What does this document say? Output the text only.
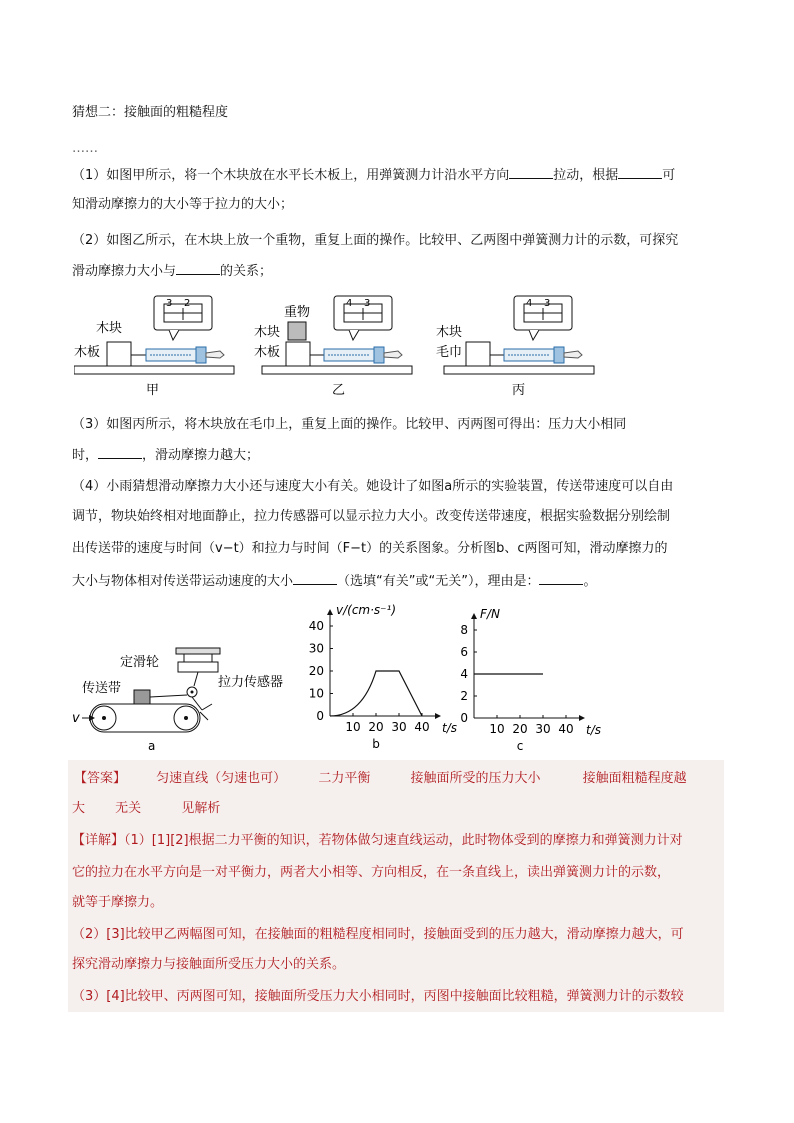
猜想二：接触面的粗糙程度
……
（1）如图甲所示，将一个木块放在水平长木板上，用弹簧测力计沿水平方向	拉动，根据	可
知滑动摩擦力的大小等于拉力的大小；
（2）如图乙所示，在木块上放一个重物，重复上面的操作。比较甲、乙两图中弹簧测力计的示数，可探究
滑动摩擦力大小与	的关系；
3 2
木块
木板
甲
4 3
重物
木块
木板
乙
4 3
木块
毛巾
丙
（3）如图丙所示，将木块放在毛巾上，重复上面的操作。比较甲、丙两图可得出：压力大小相同
时，	，滑动摩擦力越大；
（4）小雨猜想滑动摩擦力大小还与速度大小有关。她设计了如图a所示的实验装置，传送带速度可以自由
调节，物块始终相对地面静止，拉力传感器可以显示拉力大小。改变传送带速度，根据实验数据分别绘制
出传送带的速度与时间（v−t）和拉力与时间（F−t）的关系图象。分析图b、c两图可知，滑动摩擦力的
大小与物体相对传送带运动速度的大小	（选填“有关”或“无关”），理由是：	。
定滑轮
拉力传感器
传送带
v
a
10 20 30 40
0
10
20
30
40
v/(cm·s⁻¹)
t/s
b
10 20 30 40
0
2
4
6
8
F/N
t/s
c
【答案】 匀速直线（匀速也可） 二力平衡	接触面所受的压力大小	接触面粗糙程度越
大 无关	见解析
【详解】（1）[1][2]根据二力平衡的知识，若物体做匀速直线运动，此时物体受到的摩擦力和弹簧测力计对
它的拉力在水平方向是一对平衡力，两者大小相等、方向相反，在一条直线上，读出弹簧测力计的示数，
就等于摩擦力。
（2）[3]比较甲乙两幅图可知，在接触面的粗糙程度相同时，接触面受到的压力越大，滑动摩擦力越大，可
探究滑动摩擦力与接触面所受压力大小的关系。
（3）[4]比较甲、丙两图可知，接触面所受压力大小相同时，丙图中接触面比较粗糙，弹簧测力计的示数较
